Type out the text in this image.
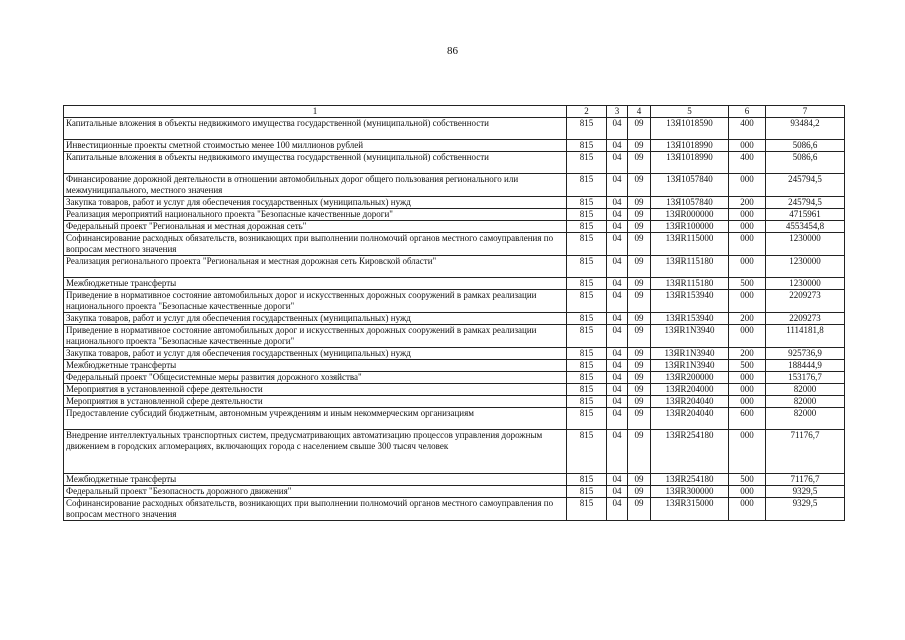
86
1	2	3	4	5	6	7
Капитальные вложения в объекты недвижимого имущества государственной (муниципальной) собственности	815	04	09	13Я1018590	400	93484,2
Инвестиционные проекты сметной стоимостью менее 100 миллионов рублей	815	04	09	13Я1018990	000	5086,6
Капитальные вложения в объекты недвижимого имущества государственной (муниципальной) собственности	815	04	09	13Я1018990	400	5086,6
Финансирование дорожной деятельности в отношении автомобильных дорог общего пользования регионального или межмуниципального, местного значения	815	04	09	13Я1057840	000	245794,5
Закупка товаров, работ и услуг для обеспечения государственных (муниципальных) нужд	815	04	09	13Я1057840	200	245794,5
Реализация мероприятий национального проекта "Безопасные качественные дороги"	815	04	09	13ЯR000000	000	4715961
Федеральный проект "Региональная и местная дорожная сеть"	815	04	09	13ЯR100000	000	4553454,8
Софинансирование расходных обязательств, возникающих при выполнении полномочий органов местного самоуправления по вопросам местного значения	815	04	09	13ЯR115000	000	1230000
Реализация регионального проекта "Региональная и местная дорожная сеть Кировской области"	815	04	09	13ЯR115180	000	1230000
Межбюджетные трансферты	815	04	09	13ЯR115180	500	1230000
Приведение в нормативное состояние автомобильных дорог и искусственных дорожных сооружений в рамках реализации национального проекта "Безопасные качественные дороги"	815	04	09	13ЯR153940	000	2209273
Закупка товаров, работ и услуг для обеспечения государственных (муниципальных) нужд	815	04	09	13ЯR153940	200	2209273
Приведение в нормативное состояние автомобильных дорог и искусственных дорожных сооружений в рамках реализации национального проекта "Безопасные качественные дороги"	815	04	09	13ЯR1N3940	000	1114181,8
Закупка товаров, работ и услуг для обеспечения государственных (муниципальных) нужд	815	04	09	13ЯR1N3940	200	925736,9
Межбюджетные трансферты	815	04	09	13ЯR1N3940	500	188444,9
Федеральный проект "Общесистемные меры развития дорожного хозяйства"	815	04	09	13ЯR200000	000	153176,7
Мероприятия в установленной сфере деятельности	815	04	09	13ЯR204000	000	82000
Мероприятия в установленной сфере деятельности	815	04	09	13ЯR204040	000	82000
Предоставление субсидий бюджетным, автономным учреждениям и иным некоммерческим организациям	815	04	09	13ЯR204040	600	82000
Внедрение интеллектуальных транспортных систем, предусматривающих автоматизацию процессов управления дорожным движением в городских агломерациях, включающих города с населением свыше 300 тысяч человек	815	04	09	13ЯR254180	000	71176,7
Межбюджетные трансферты	815	04	09	13ЯR254180	500	71176,7
Федеральный проект "Безопасность дорожного движения"	815	04	09	13ЯR300000	000	9329,5
Софинансирование расходных обязательств, возникающих при выполнении полномочий органов местного самоуправления по вопросам местного значения	815	04	09	13ЯR315000	000	9329,5
